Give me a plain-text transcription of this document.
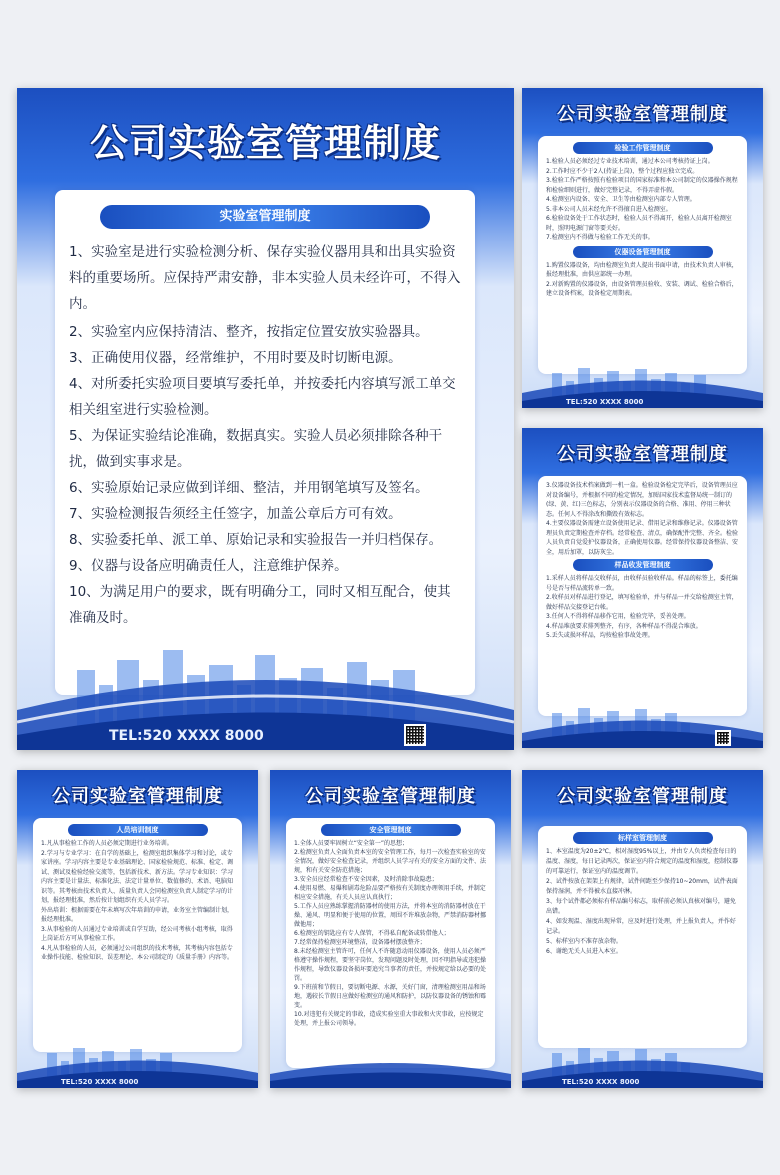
公司实验室管理制度
实验室管理制度

1、实验室是进行实验检测分析、保存实验仪器用具和出具实验资料的重要场所。应保持严肃安静，非本实验人员未经许可，不得入内。

2、实验室内应保持清洁、整齐，按指定位置安放实验器具。

3、正确使用仪器，经常维护，不用时要及时切断电源。

4、对所委托实验项目要填写委托单，并按委托内容填写派工单交相关组室进行实验检测。

5、为保证实验结论准确，数据真实。实验人员必须排除各种干扰，做到实事求是。

6、实验原始记录应做到详细、整洁，并用钢笔填写及签名。

7、实验检测报告须经主任签字，加盖公章后方可有效。

8、实验委托单、派工单、原始记录和实验报告一并归档保存。

9、仪器与设备应明确责任人，注意维护保养。

10、为满足用户的要求，既有明确分工，同时又相互配合，使其准确及时。

TEL:520 XXXX 8000
公司实验室管理制度
检验工作管理制度

1.检验人员必须经过专业技术培训，通过本公司考核持证上岗。

2.工作时应不少于2人(持证上岗)，整个过程应独立完成。

3.检验工作严格按照有检验项目的国家标准和本公司制定的仪器操作规程和检验细则进行，做好完整记录，不得弄虚作假。

4.检测室内设备、安全、卫生等由检测室内部专人管理。

5.非本公司人员未经允许不得擅自进入检测室。

6.检验设备处于工作状态时，检验人员不得离开，检验人员离开检测室时，照明电源门窗等要关好。

7.检测室内不得做与检验工作无关的事。

仪器设备管理制度

1.购置仪器设备，均由检测室负责人提出书面申请，由技术负责人审核，报经理批准，由供应部统一办理。

2.对新购置的仪器设备，由设备管理员验收、安装、调试、检验合格后，建立设备档案，设备检定周期表。

TEL:520 XXXX 8000
公司实验室管理制度

3.仪器设备技术档案做到一机一盒。检验设备检定完毕后，设备管理员应对设备编号，并根据不同的检定情况，加贴国家技术监督局统一制订的(绿、黄、红)三色标志，分别表示仪器设备的合格、准用、停用三种状态。任何人不得涂改和撕毁有效标志。

4.主要仪器设备需建立设备使用记录、借用记录和维修记录。仪器设备管理员负责定期检查并存档。经常检查、清点，确保配件完整、齐全。检验人员负责自觉爱护仪器设备，正确使用仪器。经常保持仪器设备整洁、安全，用后加罩，以防灰尘。

样品收发管理制度

1.采样人员将样品交收样员，由收样员验收样品。样品的标签上，委托编号是否与样品流转单一致。

2.收样员对样品进行登记，填写检验单，并与样品一并交给检测室主管，做好样品交接登记台帐。

3.任何人不得将样品移作它用，检验完毕，妥善处理。

4.样品堆放要求排列整齐，有序，各种样品不得混合堆放。

5.丢失或损坏样品，均按检验事故处理。

公司实验室管理制度
人员培训制度

1.凡从事检验工作的人员必须定期进行业务培训。

2.学习与专业学习：在自学的基础上，检测室组织集体学习和讨论，或专家讲座。学习内容主要是专业基础理论、国家检验规范、标准、检定、调试、测试及检验经验交流等，包括新技术、新方法。学习专业知识：学习内容主要是计量法、标准化法、法定计量单位、数值修约、术语、电脑知识等。其考核由技术负责人、质量负责人会同检测室负责人制定学习的计划，报经理批准，然后按计划组织有关人员学习。

外出培训：根据需要在年未填写次年培训的申请，业务室主管编制计划，报经理批准。

3.从事检验的人员通过专业培训或自学互助，经公司考核小组考核，取得上岗证后方可从事检验工作。

4.凡从事检验的人员，必须通过公司组织的技术考核，其考核内容包括专业操作技能、检验知识、误差理论、本公司制定的《质量手册》内容等。

TEL:520 XXXX 8000
公司实验室管理制度
安全管理制度

1.全体人员要牢固树立“安全第一”的思想；

2.检测室负责人全面负责本室的安全管理工作，每月一次检查实验室的安全情况，做好安全检查记录，并组织人员学习有关的安全方面的文件、法规，和有关安全防范措施；

3.安全员应经常检查不安全因素，及时消除事故隐患；

4.使用易燃、易爆和剧毒危险品要严格按有关制度办理领用手续，并制定相应安全措施，有关人员应认真执行；

5.工作人员应熟练掌握消防器材的使用方法，并将本室的消防器材放在干燥、通风、明显和便于使用的位置，周围不许堆放杂物，严禁消防器材挪做他用；

6.检测室的钥匙应有专人保管，不得私自配备或转借他人；

7.经常保持检测室环境整洁，设备器材摆放整齐；

8.未经检测室主管许可，任何人不许随意动用仪器设备，使用人员必须严格遵守操作规程，要坚守岗位，发现问题及时处理，因不明指导或违犯操作规程，导致仪器设备损坏要追究当事者的责任，并按规定给以必要的处罚。

9.下班前和节假日，要切断电源、水源，关好门窗，清理检测室用品和场地，遇较长节假日应做好检测室的通风和防护，以防仪器设备的锈蚀和霉变。

10.对违犯有关规定的事故，造成实验室重大事故和火灾事故，应按规定处理，并上报公司领导。

公司实验室管理制度
标样室管理制度

1、本室温度为20±2℃，相对湿度95%以上，并由专人负责检查每日的温度、湿度，每日记录两次，保证室内符合规定的温度和湿度，控制仪器的可靠运行，保证室内的温度调节。

2、试件按放在架架上有规律，试件间距至少保持10~20mm，试件表面保持湿润，并不得被水直接冲淋。

3、每个试件都必须标有样品编号标志，取样前必须认真核对编号，避免出错。

4、如发现温、湿度出现异常，应及时进行处理，并上报负责人，并作好记录。

5、标样室内不准存放杂物。

6、谢绝无关人员进入本室。

TEL:520 XXXX 8000
